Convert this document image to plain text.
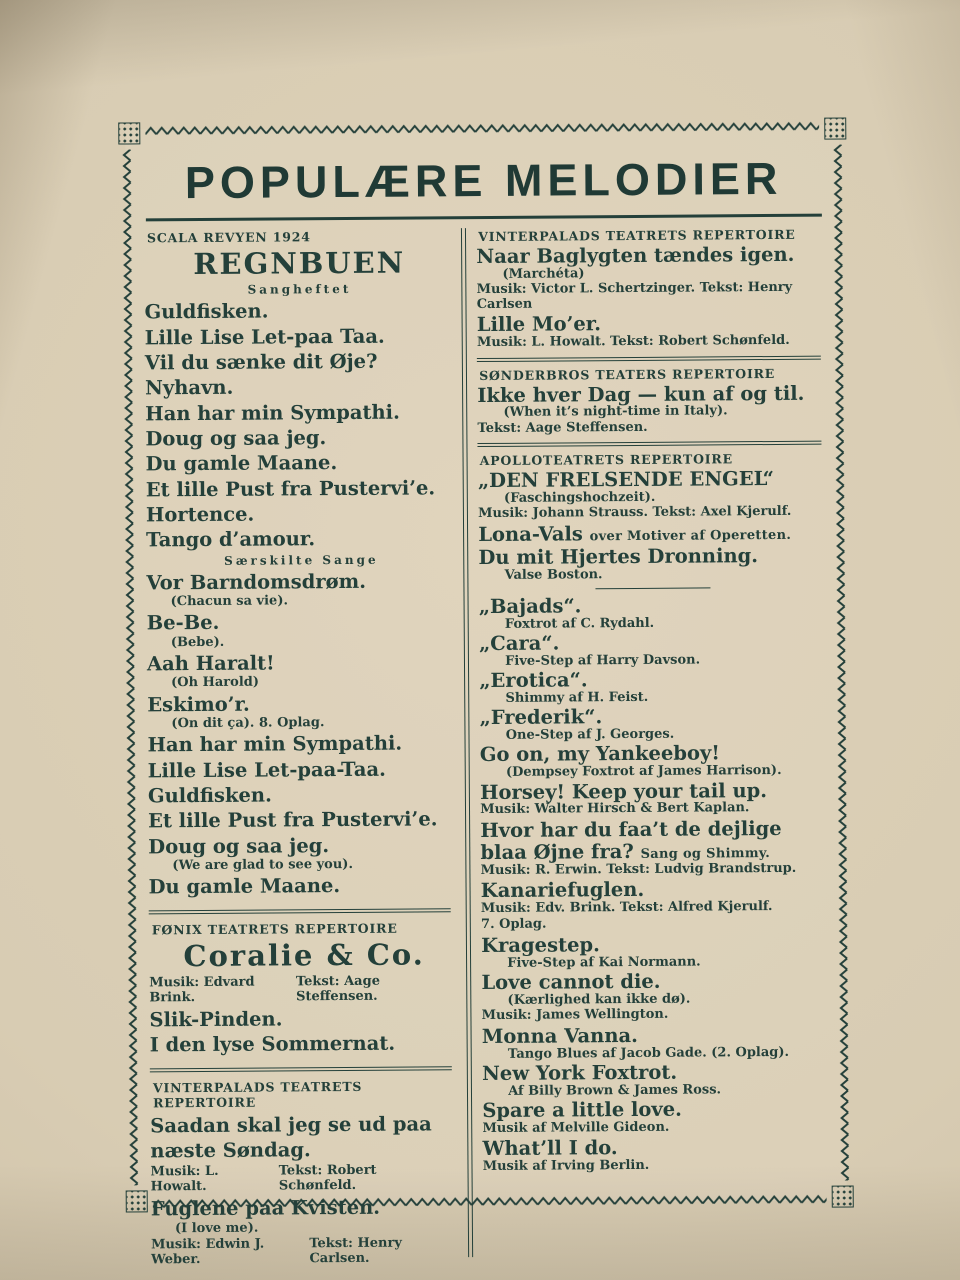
POPULÆRE MELODIER
SCALA REVYEN 1924
REGNBUEN
Sangheftet
Guldfisken.
Lille Lise Let-paa Taa.
Vil du sænke dit Øje?
Nyhavn.
Han har min Sympathi.
Doug og saa jeg.
Du gamle Maane.
Et lille Pust fra Pustervi’e.
Hortence.
Tango d’amour.
Særskilte Sange
Vor Barndomsdrøm.
(Chacun sa vie).
Be-Be.
(Bebe).
Aah Haralt!
(Oh Harold)
Eskimo’r.
(On dit ça). 8. Oplag.
Han har min Sympathi.
Lille Lise Let-paa-Taa.
Guldfisken.
Et lille Pust fra Pustervi’e.
Doug og saa jeg.
(We are glad to see you).
Du gamle Maane.
FØNIX TEATRETS REPERTOIRE
Coralie & Co.
Musik: Edvard Brink.
Tekst: Aage Steffensen.
Slik-Pinden.
I den lyse Sommernat.
VINTERPALADS TEATRETS REPERTOIRE
Saadan skal jeg se ud paa næste Søndag.
Musik: L. Howalt.
Tekst: Robert Schønfeld.
Fuglene paa Kvisten.
(I love me).
Musik: Edwin J. Weber.
Tekst: Henry Carlsen.
VINTERPALADS TEATRETS REPERTOIRE
Naar Baglygten tændes igen.
(Marchéta)
Musik: Victor L. Schertzinger. Tekst: Henry Carlsen
Lille Mo’er.
Musik: L. Howalt. Tekst: Robert Schønfeld.
SØNDERBROS TEATERS REPERTOIRE
Ikke hver Dag — kun af og til.
(When it’s night-time in Italy).
Tekst: Aage Steffensen.
APOLLOTEATRETS REPERTOIRE
„DEN FRELSENDE ENGEL“
(Faschingshochzeit).
Musik: Johann Strauss. Tekst: Axel Kjerulf.
Lona-Vals over Motiver af Operetten.
Du mit Hjertes Dronning.
Valse Boston.
„Bajads“.
Foxtrot af C. Rydahl.
„Cara“.
Five-Step af Harry Davson.
„Erotica“.
Shimmy af H. Feist.
„Frederik“.
One-Step af J. Georges.
Go on, my Yankeeboy!
(Dempsey Foxtrot af James Harrison).
Horsey! Keep your tail up.
Musik: Walter Hirsch & Bert Kaplan.
Hvor har du faa’t de dejlige blaa Øjne fra? Sang og Shimmy.
Musik: R. Erwin. Tekst: Ludvig Brandstrup.
Kanariefuglen.
Musik: Edv. Brink. Tekst: Alfred Kjerulf.
7. Oplag.
Kragestep.
Five-Step af Kai Normann.
Love cannot die.
(Kærlighed kan ikke dø).
Musik: James Wellington.
Monna Vanna.
Tango Blues af Jacob Gade. (2. Oplag).
New York Foxtrot.
Af Billy Brown & James Ross.
Spare a little love.
Musik af Melville Gideon.
What’ll I do.
Musik af Irving Berlin.
